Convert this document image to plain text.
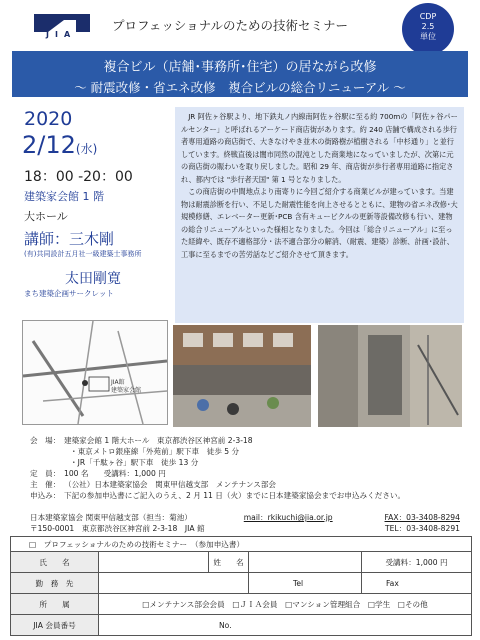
JIA
プロフェッショナルのための技術セミナー
CDP
2.5
単位
複合ビル（店舗･事務所･住宅）の居ながら改修
～ 耐震改修・省エネ改修　複合ビルの総合リニューアル ～
2020
2/12(水)
18：00 -20：00
建築家会館 1 階
大ホール
講師：三木剛
(有)共同設計五月社一級建築士事務所
太田剛寛
まち建築企画サークレット
JIA館
建築家会館

JR 阿佐ヶ谷駅より、地下鉄丸ノ内線南阿佐ヶ谷駅に至る約 700mの「阿佐ヶ谷パールセンター」と呼ばれるアーケード商店街があります。約 240 店舗で構成される歩行者専用道路の商店街で、大きなけやき並木の街路樹が植樹される「中杉通り」と並行しています。終戦直後は闇市同然の混沌とした商業地になっていましたが、次第に元の商店街の賑わいを取り戻しました。昭和 29 年、商店街が歩行者専用道路に指定され、都内では "歩行者天国" 第 1 号となりました。

この商店街の中間地点より南寄りに今回ご紹介する商業ビルが建っています。当建物は耐震診断を行い、不足した耐震性能を向上させるとともに、建物の省エネ改修･大規模修繕、エレベーター更新･PCB 含有キュービクルの更新等設備改修も行い、建物の総合リニューアルといった様相となりました。今回は「総合リニューアル」に至った経緯や、既存不適格部分・法不適合部分の解消、（耐震、建築）診断、計画･設計、工事に至るまでの苦労話などご紹介させて頂きます。

会　場： 建築家会館 1 階大ホール　東京都渋谷区神宮前 2-3-18
・東京メトロ銀座線「外苑前」駅下車　徒歩 5 分
・JR「千駄ヶ谷」駅下車　徒歩 13 分
定　員： 100 名　　受講料：1,000 円
主　催： （公社）日本建築家協会　関東甲信越支部　メンテナンス部会
申込み： 下記の参加申込書にご記入のうえ、2 月 11 日（火）までに日本建築家協会までお申込みください。
日本建築家協会 関東甲信越支部（担当：菊池）	mail：rkikuchi@jia.or.jp	FAX：03-3408-8294
〒150-0001　東京都渋谷区神宮前 2-3-18　JIA 館	TEL：03-3408-8291
□　プロフェッショナルのための技術セミナー　（参加申込書）
氏　　名		姓　　名		受講料：1,000 円
勤　務　先			Tel	Fax
所　　属	□メンテナンス部会会員　□ＪＩＡ会員　□マンション管理組合　□学生　□その他			
JIA 会員番号	No.			
